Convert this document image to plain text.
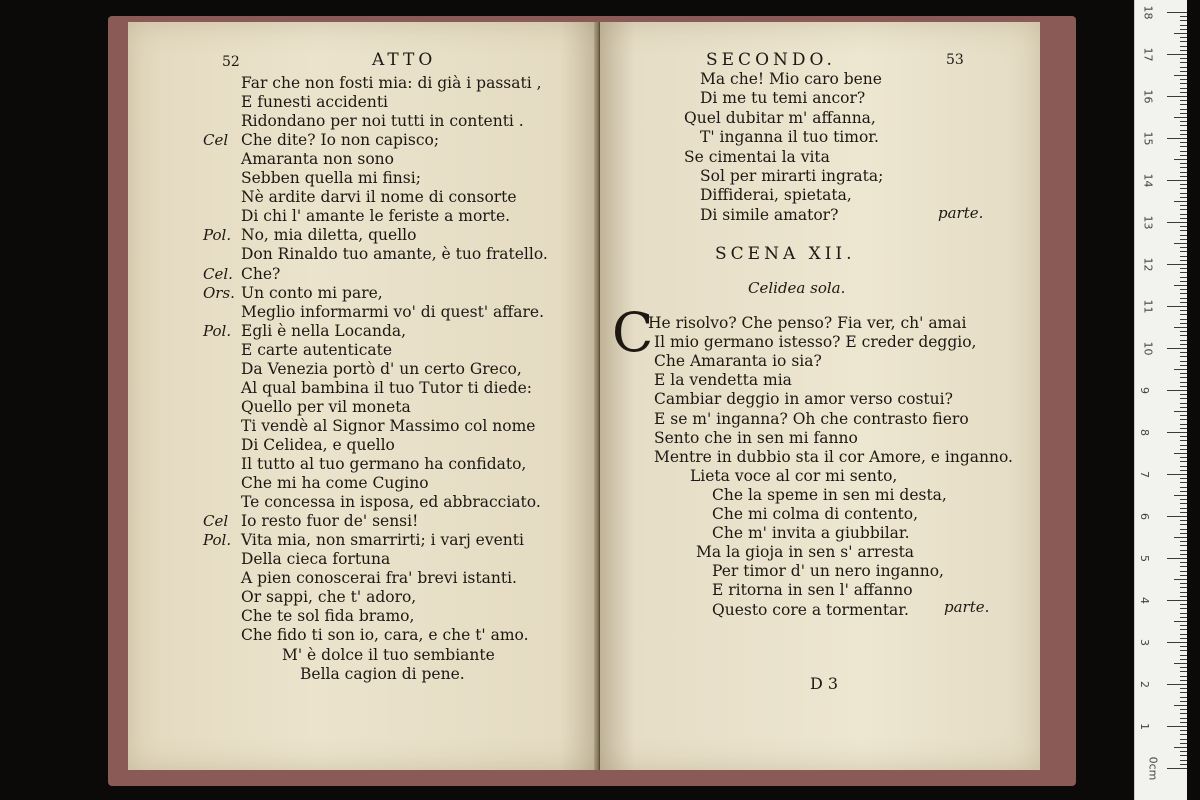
52	ATTO
Far che non fosti mia: di già i passati ,
E funesti accidenti
Ridondano per noi tutti in contenti .
Cel Che dite? Io non capisco;
Amaranta non sono
Sebben quella mi finsi;
Nè ardite darvi il nome di consorte
Di chi l' amante le feriste a morte.
Pol. No, mia diletta, quello
Don Rinaldo tuo amante, è tuo fratello.
Cel. Che?
Ors. Un conto mi pare,
Meglio informarmi vo' di quest' affare.
Pol. Egli è nella Locanda,
E carte autenticate
Da Venezia portò d' un certo Greco,
Al qual bambina il tuo Tutor ti diede:
Quello per vil moneta
Ti vendè al Signor Massimo col nome
Di Celidea, e quello
Il tutto al tuo germano ha confidato,
Che mi ha come Cugino
Te concessa in isposa, ed abbracciato.
Cel Io resto fuor de' sensi!
Pol. Vita mia, non smarrirti; i varj eventi
Della cieca fortuna
A pien conoscerai fra' brevi istanti.
Or sappi, che t' adoro,
Che te sol fida bramo,
Che fido ti son io, cara, e che t' amo.
M' è dolce il tuo sembiante
Bella cagion di pene.
SECONDO.	53
Ma che! Mio caro bene
Di me tu temi ancor?
Quel dubitar m' affanna,
T' inganna il tuo timor.
Se cimentai la vita
Sol per mirarti ingrata;
Diffiderai, spietata,
Di simile amator?	parte.
SCENA XII.
Celidea sola.
C
He risolvo? Che penso? Fia ver, ch' amai
Il mio germano istesso? E creder deggio,
Che Amaranta io sia?
E la vendetta mia
Cambiar deggio in amor verso costui?
E se m' inganna? Oh che contrasto fiero
Sento che in sen mi fanno
Mentre in dubbio sta il cor Amore, e inganno.
Lieta voce al cor mi sento,
Che la speme in sen mi desta,
Che mi colma di contento,
Che m' invita a giubbilar.
Ma la gioja in sen s' arresta
Per timor d' un nero inganno,
E ritorna in sen l' affanno
Questo core a tormentar. parte.
D 3
18
17
16
15
14
13
12
11
10
9
8
7
6
5
4
3
2
1
0cm
